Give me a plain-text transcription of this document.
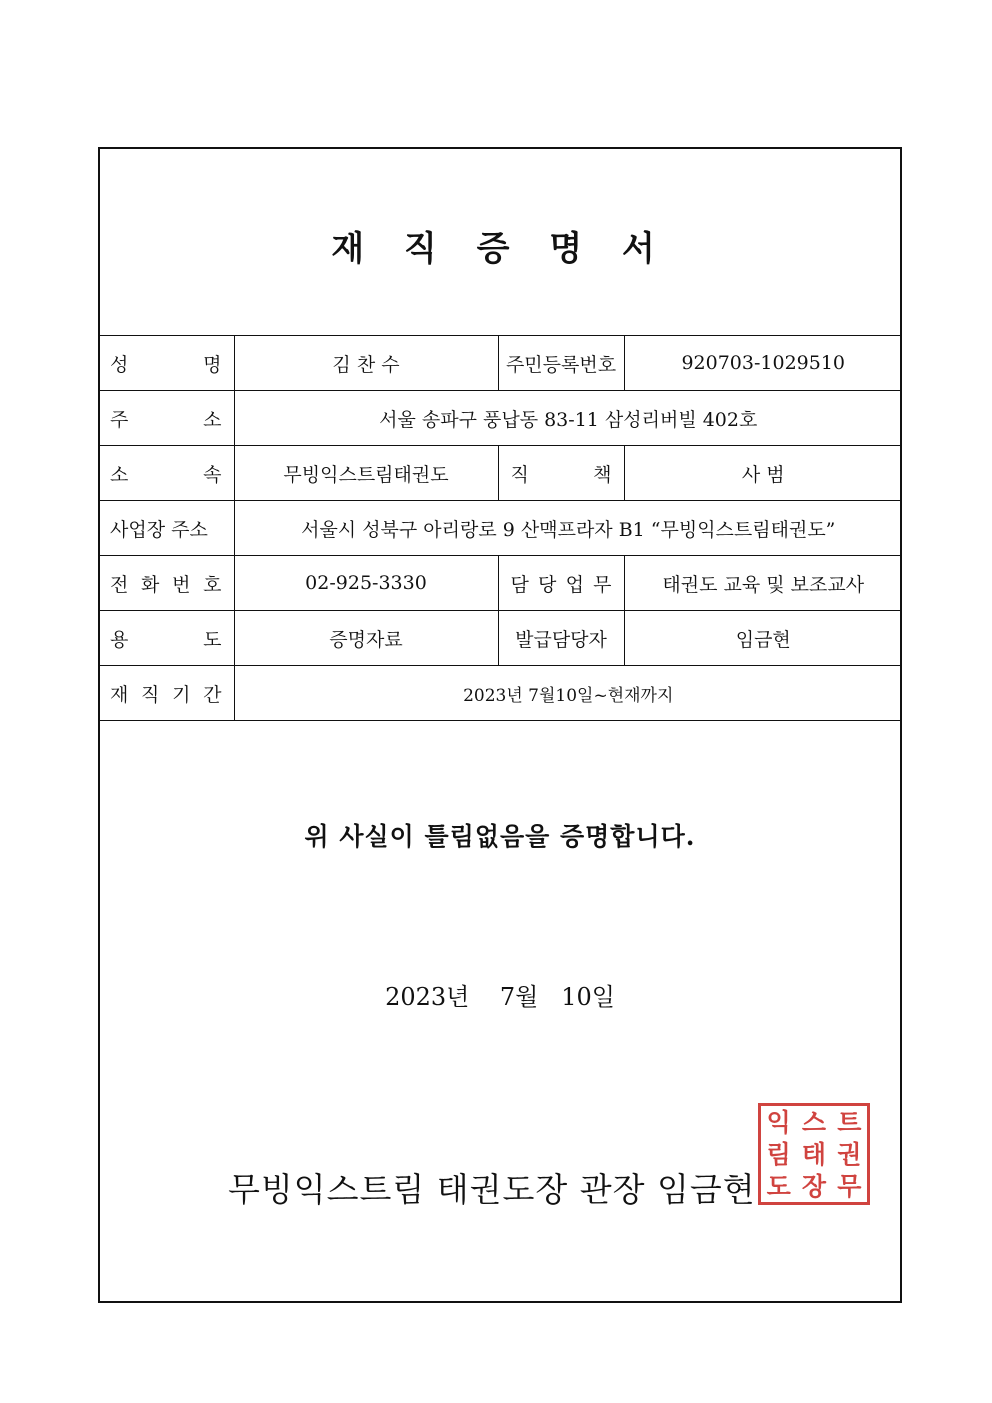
재 직 증 명 서
성 명	김 찬 수	주민등록번호	920703-1029510

주 소	서울 송파구 풍납동 83-11 삼성리버빌 402호		

소 속	무빙익스트림태권도	직 책	사 범
사업장 주소	서울시 성북구 아리랑로 9 산맥프라자 B1 “무빙익스트림태권도”		

전 화 번 호	02-925-3330	담 당 업 무	태권도 교육 및 보조교사

용 도	증명자료	발급담당자	임금현

재 직 기 간	2023년 7월10일~현재까지		
위 사실이 틀림없음을 증명합니다.
2023년    7월   10일
무빙익스트림 태권도장 관장 임금현
익 스 트
림 태 권
도 장 무
